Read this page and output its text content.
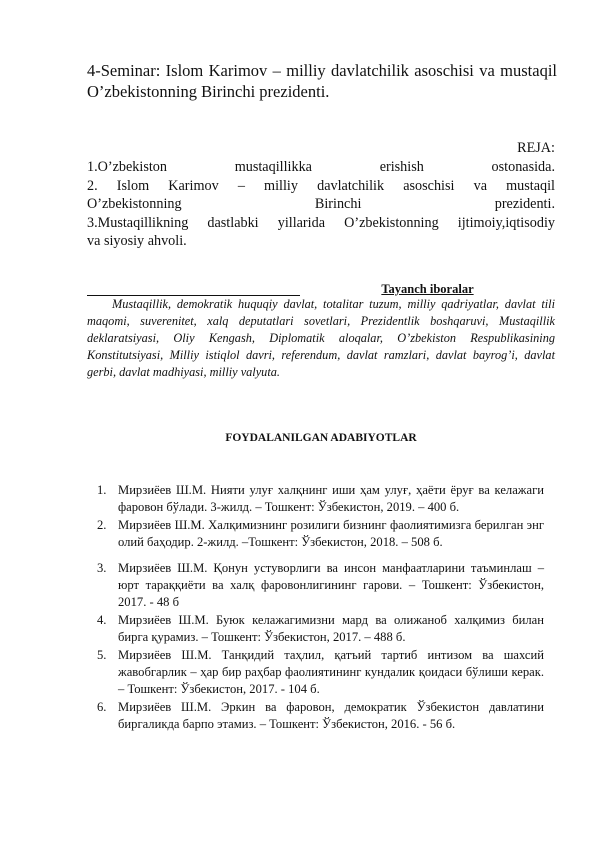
4-Seminar: Islom Karimov – milliy davlatchilik asoschisi va mustaqil O’zbekistonning Birinchi prezidenti.
REJA:
1.O’zbekiston mustaqillikka erishish ostonasida.
2. Islom Karimov – milliy davlatchilik asoschisi va mustaqil
O’zbekistonning Birinchi prezidenti.
3.Mustaqillikning dastlabki yillarida O’zbekistonning ijtimoiy,iqtisodiy
va siyosiy ahvoli.
Tayanch iboralar
Mustaqillik, demokratik huquqiy davlat, totalitar tuzum, milliy qadriyatlar, davlat tili maqomi, suverenitet, xalq deputatlari sovetlari, Prezidentlik boshqaruvi, Mustaqillik deklaratsiyasi, Oliy Kengash, Diplomatik aloqalar, O’zbekiston Respublikasining Konstitutsiyasi, Milliy istiqlol davri, referendum, davlat ramzlari, davlat bayrog’i, davlat gerbi, davlat madhiyasi, milliy valyuta.
FOYDALANILGAN ADABIYOTLAR
1. Мирзиёев Ш.М. Нияти улуғ халқнинг иши ҳам улуғ, ҳаёти ёруғ ва келажаги фаровон бўлади. 3-жилд. – Тошкент: Ўзбекистон, 2019. – 400 б.
2. Мирзиёев Ш.М. Халқимизнинг розилиги бизнинг фаолиятимизга берилган энг олий баҳодир. 2-жилд. –Тошкент: Ўзбекистон, 2018. – 508 б.
3. Мирзиёев Ш.М. Қонун устуворлиги ва инсон манфаатларини таъминлаш – юрт тараққиёти ва халқ фаровонлигининг гарови. – Тошкент: Ўзбекистон, 2017. - 48 б
4. Мирзиёев Ш.М. Буюк келажагимизни мард ва олижаноб халқимиз билан бирга қурамиз. – Тошкент: Ўзбекистон, 2017. – 488 б.
5. Мирзиёев Ш.М. Танқидий таҳлил, қатъий тартиб интизом ва шахсий жавобгарлик – ҳар бир раҳбар фаолиятининг кундалик қоидаси бўлиши керак. – Тошкент: Ўзбекистон, 2017. - 104 б.
6. Мирзиёев Ш.М. Эркин ва фаровон, демократик Ўзбекистон давлатини биргаликда барпо этамиз. – Тошкент: Ўзбекистон, 2016. - 56 б.
